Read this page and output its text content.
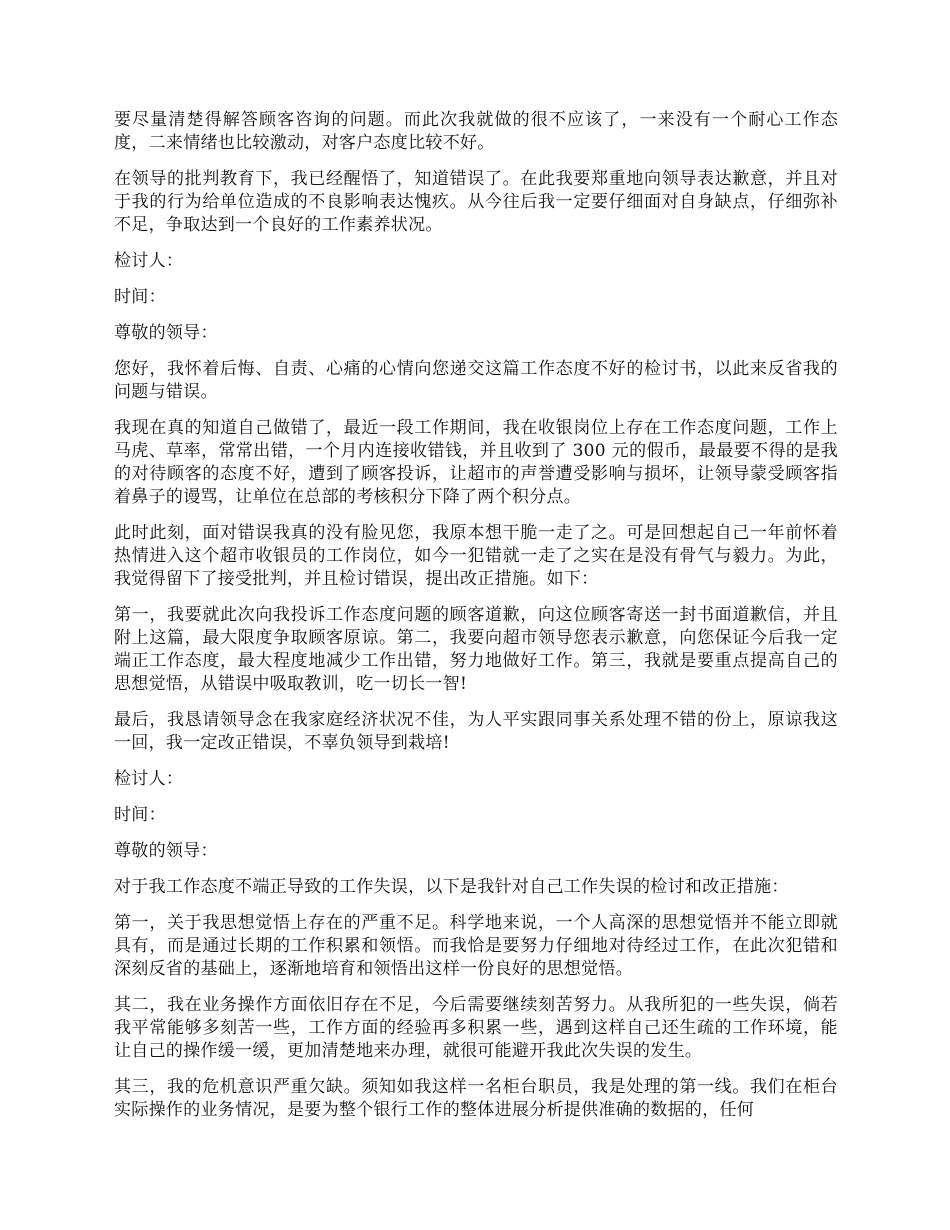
要尽量清楚得解答顾客咨询的问题。而此次我就做的很不应该了，一来没有一个耐心工作态度，二来情绪也比较激动，对客户态度比较不好。

在领导的批判教育下，我已经醒悟了，知道错误了。在此我要郑重地向领导表达歉意，并且对于我的行为给单位造成的不良影响表达愧疚。从今往后我一定要仔细面对自身缺点，仔细弥补不足，争取达到一个良好的工作素养状况。

检讨人：

时间：

尊敬的领导：

您好，我怀着后悔、自责、心痛的心情向您递交这篇工作态度不好的检讨书，以此来反省我的问题与错误。

我现在真的知道自己做错了，最近一段工作期间，我在收银岗位上存在工作态度问题，工作上马虎、草率，常常出错，一个月内连接收错钱，并且收到了 300 元的假币，最最要不得的是我的对待顾客的态度不好，遭到了顾客投诉，让超市的声誉遭受影响与损坏，让领导蒙受顾客指着鼻子的谩骂，让单位在总部的考核积分下降了两个积分点。

此时此刻，面对错误我真的没有脸见您，我原本想干脆一走了之。可是回想起自己一年前怀着热情进入这个超市收银员的工作岗位，如今一犯错就一走了之实在是没有骨气与毅力。为此，我觉得留下了接受批判，并且检讨错误，提出改正措施。如下：

第一，我要就此次向我投诉工作态度问题的顾客道歉，向这位顾客寄送一封书面道歉信，并且附上这篇，最大限度争取顾客原谅。第二，我要向超市领导您表示歉意，向您保证今后我一定端正工作态度，最大程度地减少工作出错，努力地做好工作。第三，我就是要重点提高自己的思想觉悟，从错误中吸取教训，吃一切长一智!

最后，我恳请领导念在我家庭经济状况不佳，为人平实跟同事关系处理不错的份上，原谅我这一回，我一定改正错误，不辜负领导到栽培!

检讨人：

时间：

尊敬的领导：

对于我工作态度不端正导致的工作失误，以下是我针对自己工作失误的检讨和改正措施：

第一，关于我思想觉悟上存在的严重不足。科学地来说，一个人高深的思想觉悟并不能立即就具有，而是通过长期的工作积累和领悟。而我恰是要努力仔细地对待经过工作，在此次犯错和深刻反省的基础上，逐渐地培育和领悟出这样一份良好的思想觉悟。

其二，我在业务操作方面依旧存在不足，今后需要继续刻苦努力。从我所犯的一些失误，倘若我平常能够多刻苦一些，工作方面的经验再多积累一些，遇到这样自己还生疏的工作环境，能让自己的操作缓一缓，更加清楚地来办理，就很可能避开我此次失误的发生。

其三，我的危机意识严重欠缺。须知如我这样一名柜台职员，我是处理的第一线。我们在柜台实际操作的业务情况，是要为整个银行工作的整体进展分析提供准确的数据的，任何
